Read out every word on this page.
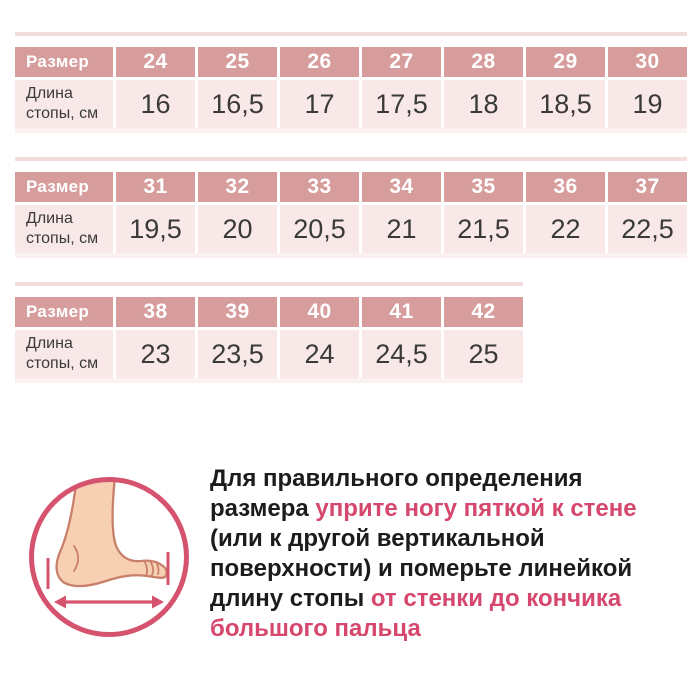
Размер	24	25	26	27	28	29	30
Длина стопы, см	16	16,5	17	17,5	18	18,5	19
Размер	31	32	33	34	35	36	37
Длина стопы, см	19,5	20	20,5	21	21,5	22	22,5
Размер	38	39	40	41	42
Длина стопы, см	23	23,5	24	24,5	25
Для правильного определения
размера уприте ногу пяткой к стене
(или к другой вертикальной
поверхности) и померьте линейкой
длину стопы от стенки до кончика
большого пальца
